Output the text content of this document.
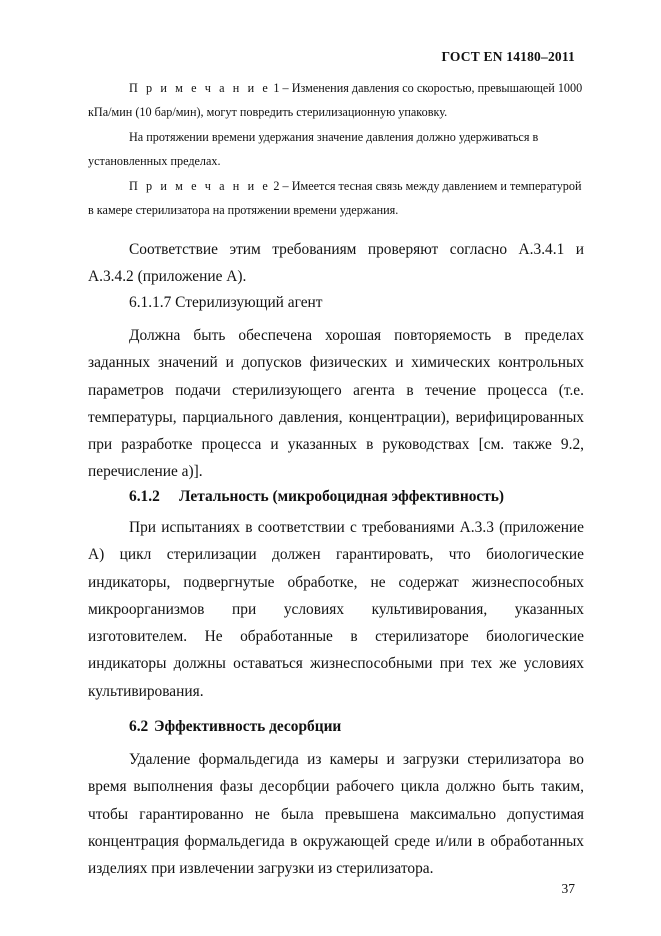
ГОСТ EN 14180–2011
П р и м е ч а н и е 1 – Изменения давления со скоростью, превышающей 1000
кПа/мин (10 бар/мин), могут повредить стерилизационную упаковку.
На протяжении времени удержания значение давления должно удерживаться в
установленных пределах.
П р и м е ч а н и е 2 – Имеется тесная связь между давлением и температурой
в камере стерилизатора на протяжении времени удержания.

Соответствие этим требованиям проверяют согласно А.3.4.1 и А.3.4.2 (приложение А).

6.1.1.7 Стерилизующий агент

Должна быть обеспечена хорошая повторяемость в пределах заданных значений и допусков физических и химических контрольных параметров подачи стерилизующего агента в течение процесса (т.е. температуры, парциального давления, концентрации), верифицированных при разработке процесса и указанных в руководствах [см. также 9.2, перечисление а)].

6.1.2 Летальность (микробоцидная эффективность)

При испытаниях в соответствии с требованиями А.3.3 (приложение А) цикл стерилизации должен гарантировать, что биологические индикаторы, подвергнутые обработке, не содержат жизнеспособных микроорганизмов при условиях культивирования, указанных изготовителем. Не обработанные в стерилизаторе биологические индикаторы должны оставаться жизнеспособными при тех же условиях культивирования.

6.2 Эффективность десорбции

Удаление формальдегида из камеры и загрузки стерилизатора во время выполнения фазы десорбции рабочего цикла должно быть таким, чтобы гарантированно не была превышена максимально допустимая концентрация формальдегида в окружающей среде и/или в обработанных изделиях при извлечении загрузки из стерилизатора.

37
